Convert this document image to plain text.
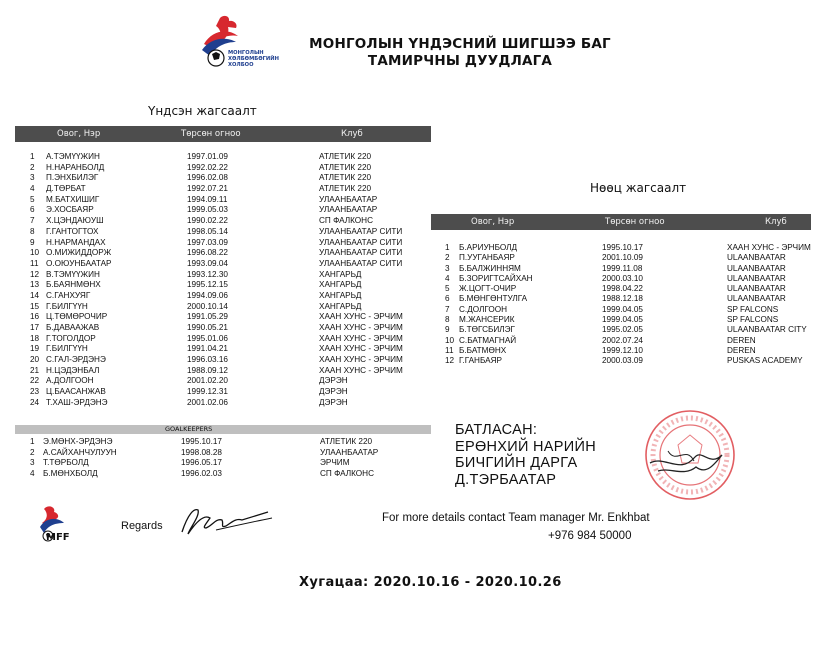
МОНГОЛЫН
ХӨЛБӨМБӨГИЙН
ХОЛБОО
МОНГОЛЫН ҮНДЭСНИЙ ШИГШЭЭ БАГ
ТАМИРЧНЫ ДУУДЛАГА
Үндсэн жагсаалт
Овог, Нэр	Төрсөн огноо	Клуб
1 А.ТЭМҮҮЖИН	1997.01.09	АТЛЕТИК 220
2 Н.НАРАНБОЛД	1992.02.22	АТЛЕТИК 220
3 П.ЭНХБИЛЭГ	1996.02.08	АТЛЕТИК 220
4 Д.ТӨРБАТ	1992.07.21	АТЛЕТИК 220
5 М.БАТХИШИГ	1994.09.11	УЛААНБААТАР
6 Э.ХОСБАЯР	1999.05.03	УЛААНБААТАР
7 Х.ЦЭНДАЮУШ	1990.02.22	СП ФАЛКОНС
8 Г.ГАНТОГТОХ	1998.05.14	УЛААНБААТАР СИТИ
9 Н.НАРМАНДАХ	1997.03.09	УЛААНБААТАР СИТИ
10 О.МИЖИДДОРЖ	1996.08.22	УЛААНБААТАР СИТИ
11 О.ОЮУНБААТАР	1993.09.04	УЛААНБААТАР СИТИ
12 В.ТЭМҮҮЖИН	1993.12.30	ХАНГАРЬД
13 Б.БАЯНМӨНХ	1995.12.15	ХАНГАРЬД
14 С.ГАНХУЯГ	1994.09.06	ХАНГАРЬД
15 Г.БИЛГҮҮН	2000.10.14	ХАНГАРЬД
16 Ц.ТӨМӨРОЧИР	1991.05.29	ХААН ХУНС - ЭРЧИМ
17 Б.ДАВААЖАВ	1990.05.21	ХААН ХУНС - ЭРЧИМ
18 Г.ТОГОЛДОР	1995.01.06	ХААН ХУНС - ЭРЧИМ
19 Г.БИЛГҮҮН	1991.04.21	ХААН ХУНС - ЭРЧИМ
20 С.ГАЛ-ЭРДЭНЭ	1996.03.16	ХААН ХУНС - ЭРЧИМ
21 Н.ЦЭДЭНБАЛ	1988.09.12	ХААН ХУНС - ЭРЧИМ
22 А.ДОЛГООН	2001.02.20	ДЭРЭН
23 Ц.БААСАНЖАВ	1999.12.31	ДЭРЭН
24 Т.ХАШ-ЭРДЭНЭ	2001.02.06	ДЭРЭН
GOALKEEPERS
1 Э.МӨНХ-ЭРДЭНЭ	1995.10.17	АТЛЕТИК 220
2 А.САЙХАНЧУЛУУН	1998.08.28	УЛААНБААТАР
3 Т.ТӨРБОЛД	1996.05.17	ЭРЧИМ
4 Б.МӨНХБОЛД	1996.02.03	СП ФАЛКОНС
Нөөц жагсаалт
Овог, Нэр	Төрсөн огноо	Клуб
1 Б.АРИУНБОЛД	1995.10.17	ХААН ХУНС - ЭРЧИМ
2 П.УУГАНБАЯР	2001.10.09	ULAANBAATAR
3 Б.БАЛЖИННЯМ	1999.11.08	ULAANBAATAR
4 Б.ЗОРИГТСАЙХАН	2000.03.10	ULAANBAATAR
5 Ж.ЦОГТ-ОЧИР	1998.04.22	ULAANBAATAR
6 Б.МӨНГӨНТУЛГА	1988.12.18	ULAANBAATAR
7 С.ДОЛГООН	1999.04.05	SP FALCONS
8 М.ЖАНСЕРИК	1999.04.05	SP FALCONS
9 Б.ТӨГСБИЛЭГ	1995.02.05	ULAANBAATAR CITY
10 С.БАТМАГНАЙ	2002.07.24	DEREN
11 Б.БАТМӨНХ	1999.12.10	DEREN
12 Г.ГАНБАЯР	2000.03.09	PUSKAS ACADEMY
БАТЛАСАН:
ЕРӨНХИЙ НАРИЙН
БИЧГИЙН ДАРГА
Д.ТЭРБААТАР
MFF
Regards
For more details contact Team manager Mr. Enkhbat
+976 984 50000
Хугацаа: 2020.10.16 - 2020.10.26
